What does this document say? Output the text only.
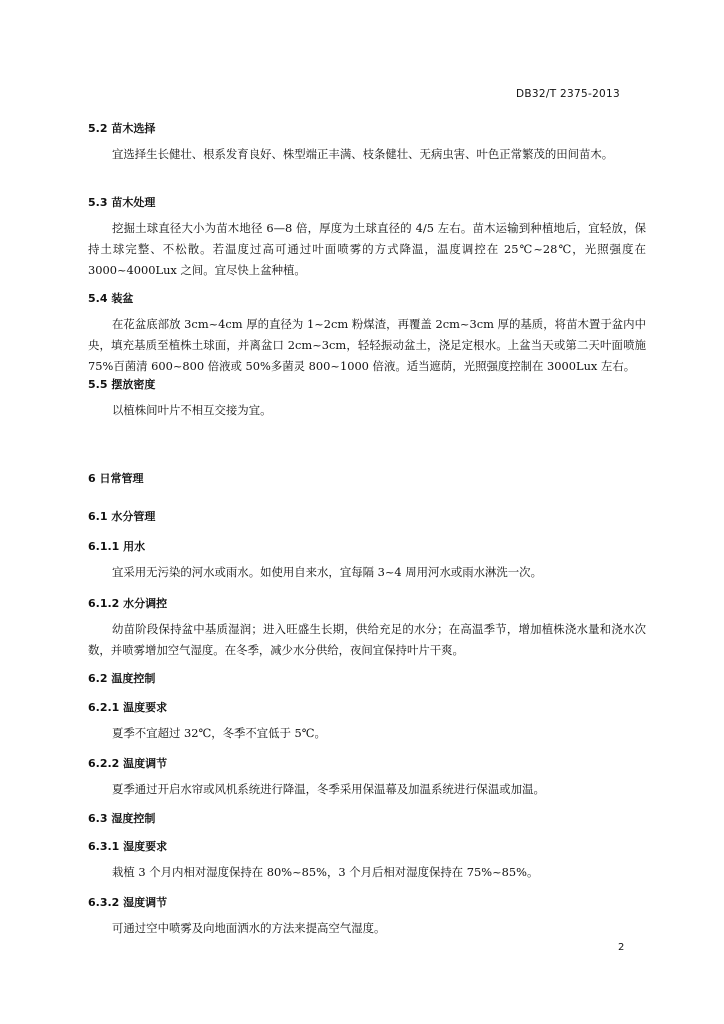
DB32/T 2375-2013
5.2 苗木选择
宜选择生长健壮、根系发育良好、株型端正丰满、枝条健壮、无病虫害、叶色正常繁茂的田间苗木。
5.3 苗木处理
挖掘土球直径大小为苗木地径 6—8 倍，厚度为土球直径的 4/5 左右。苗木运输到种植地后，宜轻放，保持土球完整、不松散。若温度过高可通过叶面喷雾的方式降温，温度调控在 25℃~28℃，光照强度在 3000~4000Lux 之间。宜尽快上盆种植。
5.4 装盆
在花盆底部放 3cm~4cm 厚的直径为 1~2cm 粉煤渣，再覆盖 2cm~3cm 厚的基质，将苗木置于盆内中央，填充基质至植株土球面，并离盆口 2cm~3cm，轻轻振动盆土，浇足定根水。上盆当天或第二天叶面喷施 75%百菌清 600~800 倍液或 50%多菌灵 800~1000 倍液。适当遮荫，光照强度控制在 3000Lux 左右。
5.5 摆放密度
以植株间叶片不相互交接为宜。
6 日常管理
6.1 水分管理
6.1.1 用水
宜采用无污染的河水或雨水。如使用自来水，宜每隔 3~4 周用河水或雨水淋洗一次。
6.1.2 水分调控
幼苗阶段保持盆中基质湿润；进入旺盛生长期，供给充足的水分；在高温季节，增加植株浇水量和浇水次数，并喷雾增加空气湿度。在冬季，减少水分供给，夜间宜保持叶片干爽。
6.2 温度控制
6.2.1 温度要求
夏季不宜超过 32℃，冬季不宜低于 5℃。
6.2.2 温度调节
夏季通过开启水帘或风机系统进行降温，冬季采用保温幕及加温系统进行保温或加温。
6.3 湿度控制
6.3.1 湿度要求
栽植 3 个月内相对湿度保持在 80%~85%，3 个月后相对湿度保持在 75%~85%。
6.3.2 湿度调节
可通过空中喷雾及向地面洒水的方法来提高空气湿度。
2
